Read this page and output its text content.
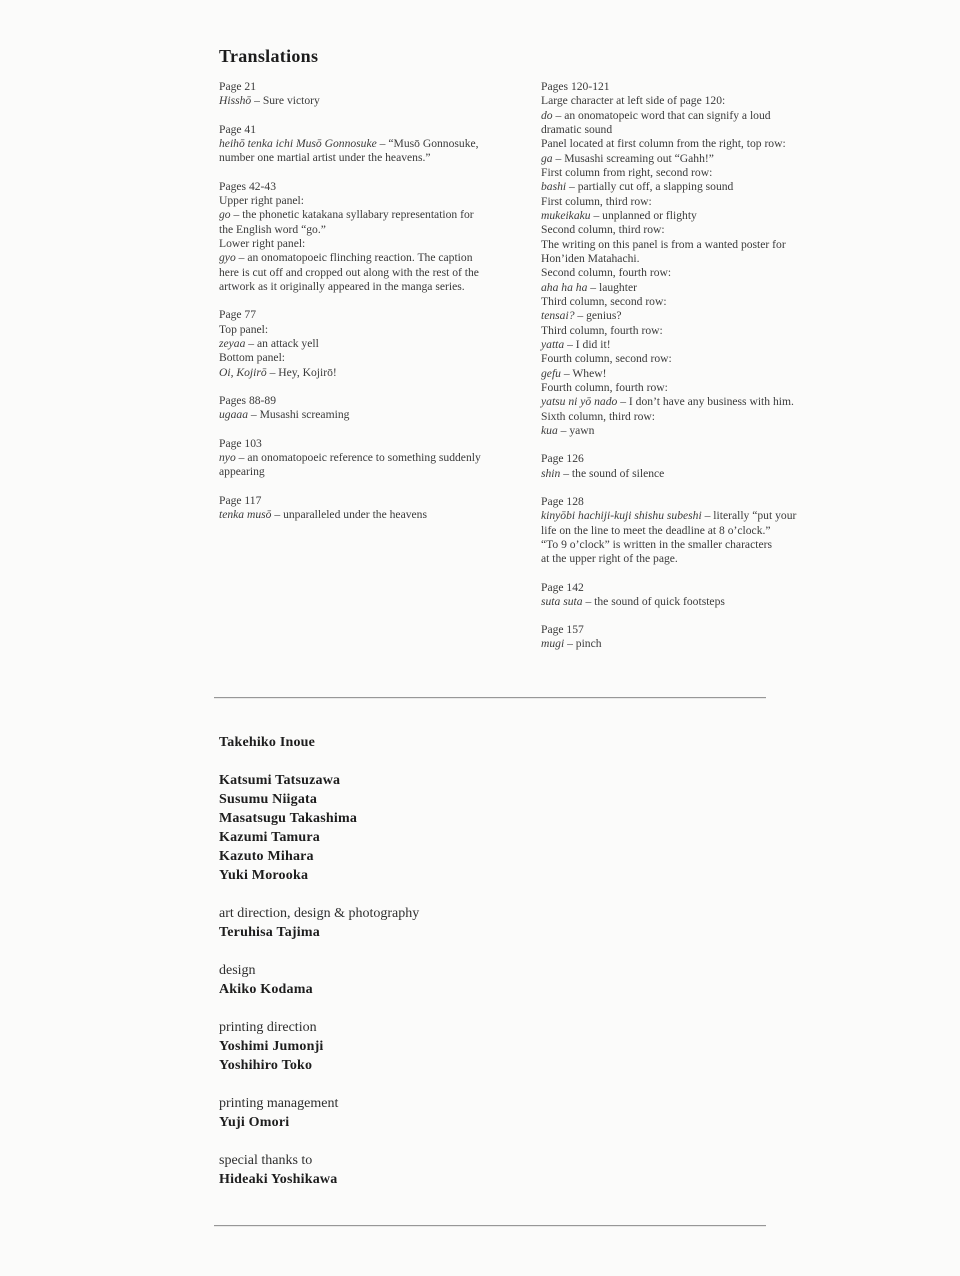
Translations
Page 21
Hisshō – Sure victory
Page 41
heihō tenka ichi Musō Gonnosuke – “Musō Gonnosuke,
number one martial artist under the heavens.”
Pages 42-43
Upper right panel:
go – the phonetic katakana syllabary representation for
the English word “go.”
Lower right panel:
gyo – an onomatopoeic flinching reaction. The caption
here is cut off and cropped out along with the rest of the
artwork as it originally appeared in the manga series.
Page 77
Top panel:
zeyaa – an attack yell
Bottom panel:
Oi, Kojirō – Hey, Kojirō!
Pages 88-89
ugaaa – Musashi screaming
Page 103
nyo – an onomatopoeic reference to something suddenly
appearing
Page 117
tenka musō – unparalleled under the heavens
Pages 120-121
Large character at left side of page 120:
do – an onomatopeic word that can signify a loud
dramatic sound
Panel located at first column from the right, top row:
ga – Musashi screaming out “Gahh!”
First column from right, second row:
bashi – partially cut off, a slapping sound
First column, third row:
mukeikaku – unplanned or flighty
Second column, third row:
The writing on this panel is from a wanted poster for
Hon’iden Matahachi.
Second column, fourth row:
aha ha ha – laughter
Third column, second row:
tensai? – genius?
Third column, fourth row:
yatta – I did it!
Fourth column, second row:
gefu – Whew!
Fourth column, fourth row:
yatsu ni yō nado – I don’t have any business with him.
Sixth column, third row:
kua – yawn
Page 126
shin – the sound of silence
Page 128
kinyōbi hachiji-kuji shishu subeshi – literally “put your
life on the line to meet the deadline at 8 o’clock.”
“To 9 o’clock” is written in the smaller characters
at the upper right of the page.
Page 142
suta suta – the sound of quick footsteps
Page 157
mugi – pinch
Takehiko Inoue
Katsumi Tatsuzawa
Susumu Niigata
Masatsugu Takashima
Kazumi Tamura
Kazuto Mihara
Yuki Morooka
art direction, design & photography
Teruhisa Tajima
design
Akiko Kodama
printing direction
Yoshimi Jumonji
Yoshihiro Toko
printing management
Yuji Omori
special thanks to
Hideaki Yoshikawa
